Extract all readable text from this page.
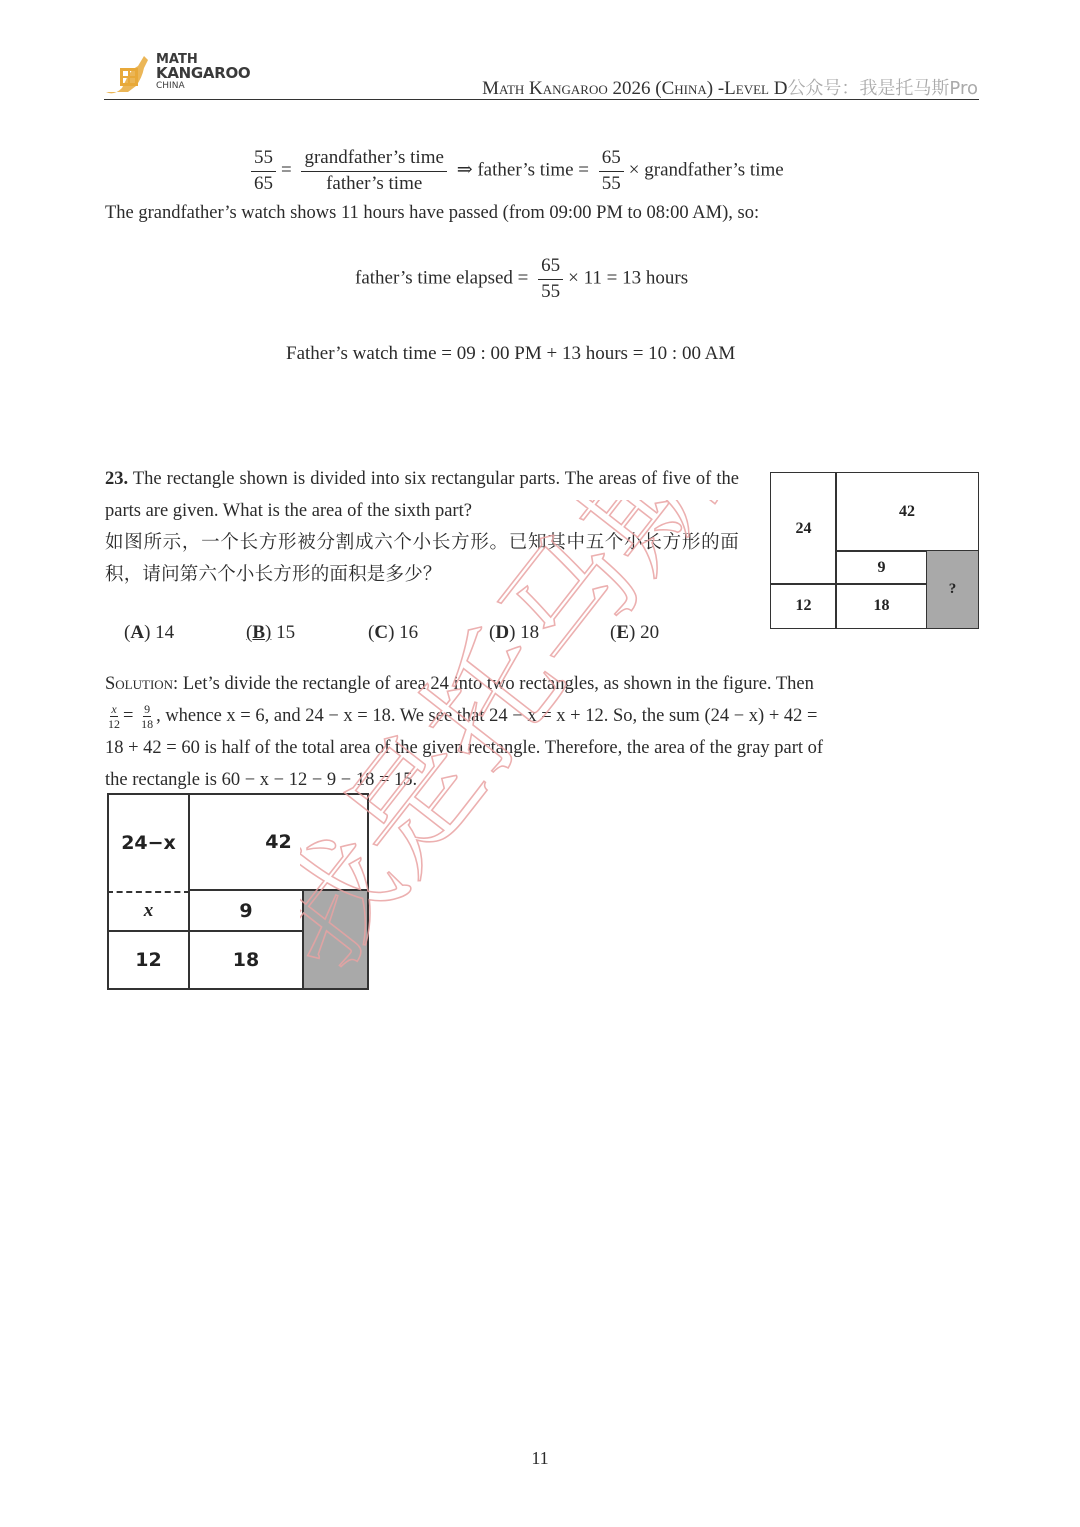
MATH
KANGAROO
CHINA	Math Kangaroo 2026 (China) -Level D公众号：我是托马斯Pro
$\frac{55}{65} = \frac{\text{grandfather’s time}}{\text{father’s time}}$ ⇒ father’s time = $\frac{65}{55}$ × grandfather’s time
The grandfather’s watch shows 11 hours have passed (from 09:00 PM to 08:00 AM), so:
father’s time elapsed = $\frac{65}{55} \times 11 = 13$ hours
Father’s watch time = 09 : 00 PM + 13 hours = 10 : 00 AM
23. The rectangle shown is divided into six rectangular parts. The areas of five of the parts are given. What is the area of the sixth part?
如图所示，一个长方形被分割成六个小长方形。已知其中五个小长方形的面积，请问第六个小长方形的面积是多少？
(A) 14	(B) 15	(C) 16	(D) 18	(E) 20
24
42
9
12	18
?
Solution: Let’s divide the rectangle of area 24 into two rectangles, as shown in the figure. Then
$\frac{x}{12} = \frac{9}{18}$ , whence x = 6, and 24 − x = 18. We see that 24 − x = x + 12. So, the sum (24 − x) + 42 =
18 + 42 = 60 is half of the total area of the given rectangle. Therefore, the area of the gray part of
the rectangle is 60 − x − 12 − 9 − 18 = 15.
24−x	42
x	9
12	18
我是托马斯
11
